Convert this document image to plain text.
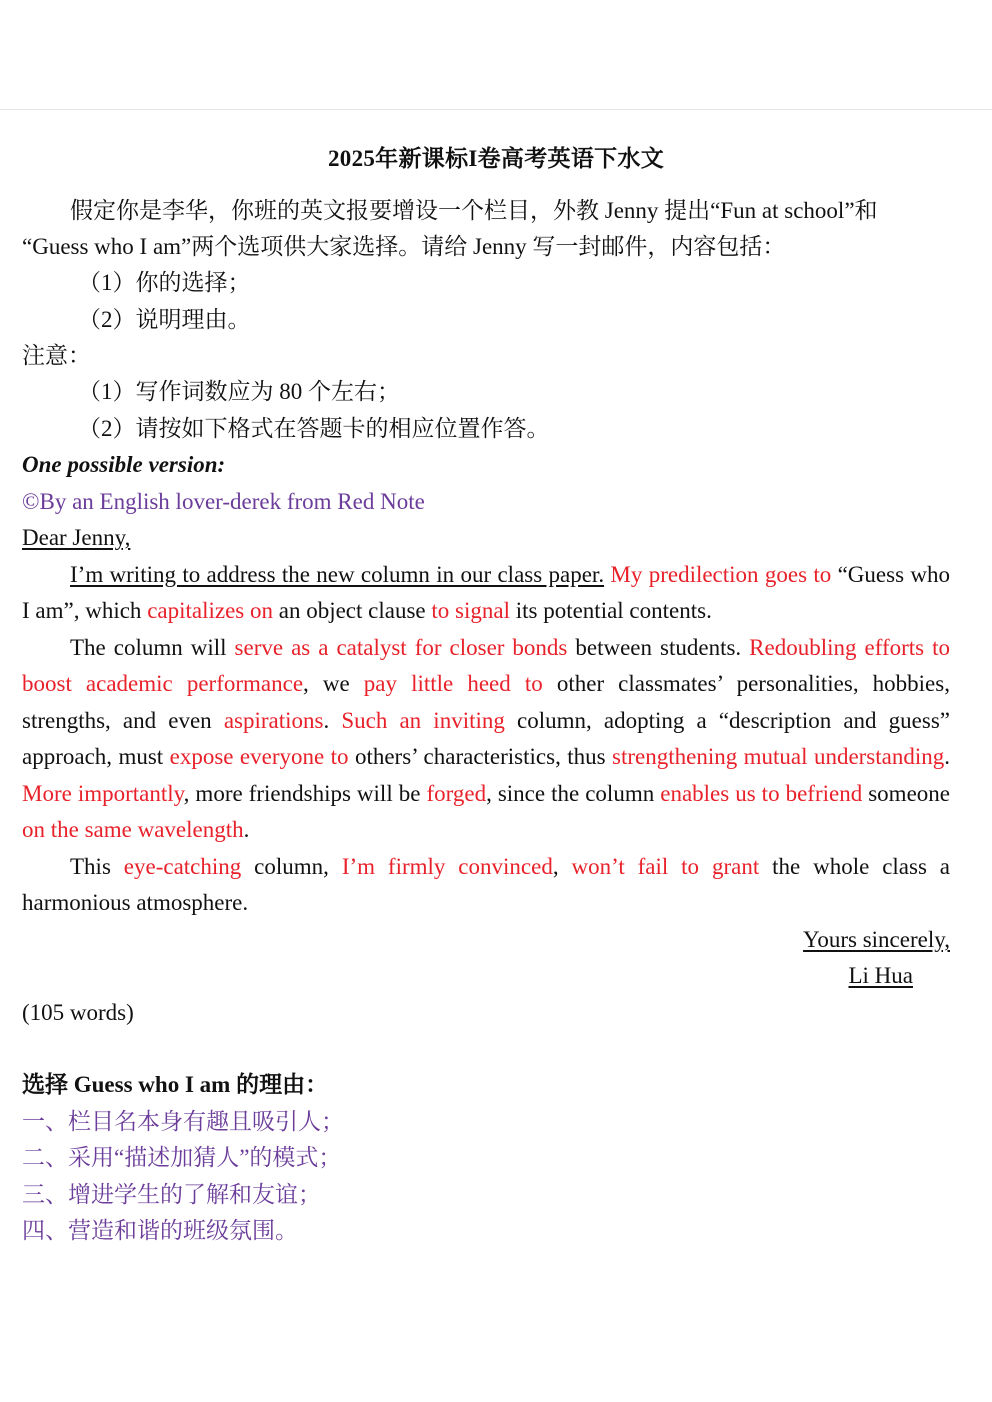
2025年新课标I卷高考英语下水文
假定你是李华，你班的英文报要增设一个栏目，外教 Jenny 提出“Fun at school”和
“Guess who I am”两个选项供大家选择。请给 Jenny 写一封邮件，内容包括：
（1）你的选择；
（2）说明理由。
注意：
（1）写作词数应为 80 个左右；
（2）请按如下格式在答题卡的相应位置作答。
One possible version:
©By an English lover-derek from Red Note
Dear Jenny,
I’m writing to address the new column in our class paper. My predilection goes to “Guess who I am”, which capitalizes on an object clause to signal its potential contents.
The column will serve as a catalyst for closer bonds between students. Redoubling efforts to boost academic performance, we pay little heed to other classmates’ personalities, hobbies, strengths, and even aspirations. Such an inviting column, adopting a “description and guess” approach, must expose everyone to others’ characteristics, thus strengthening mutual understanding. More importantly, more friendships will be forged, since the column enables us to befriend someone on the same wavelength.
This eye-catching column, I’m firmly convinced, won’t fail to grant the whole class a harmonious atmosphere.
Yours sincerely,
Li Hua
(105 words)
选择 Guess who I am 的理由：
一、栏目名本身有趣且吸引人；
二、采用“描述加猜人”的模式；
三、增进学生的了解和友谊；
四、营造和谐的班级氛围。
